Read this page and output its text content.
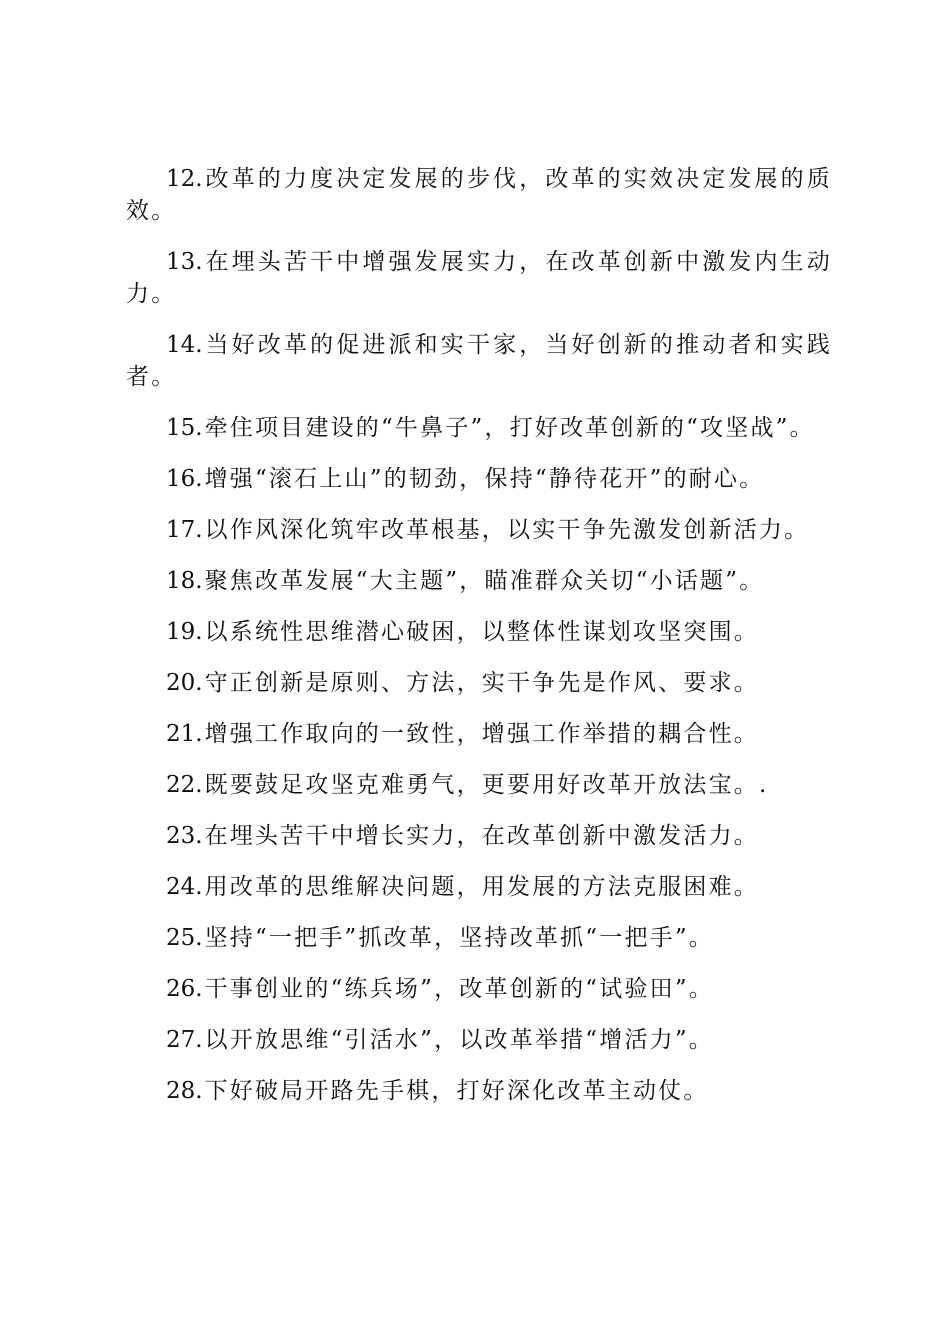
12.改革的力度决定发展的步伐，改革的实效决定发展的质效。

13.在埋头苦干中增强发展实力，在改革创新中激发内生动力。

14.当好改革的促进派和实干家，当好创新的推动者和实践者。

15.牵住项目建设的“牛鼻子”，打好改革创新的“攻坚战”。

16.增强“滚石上山”的韧劲，保持“静待花开”的耐心。

17.以作风深化筑牢改革根基，以实干争先激发创新活力。

18.聚焦改革发展“大主题”，瞄准群众关切“小话题”。

19.以系统性思维潜心破困，以整体性谋划攻坚突围。

20.守正创新是原则、方法，实干争先是作风、要求。

21.增强工作取向的一致性，增强工作举措的耦合性。

22.既要鼓足攻坚克难勇气，更要用好改革开放法宝。.

23.在埋头苦干中增长实力，在改革创新中激发活力。

24.用改革的思维解决问题，用发展的方法克服困难。

25.坚持“一把手”抓改革，坚持改革抓“一把手”。

26.干事创业的“练兵场”，改革创新的“试验田”。

27.以开放思维“引活水”，以改革举措“增活力”。

28.下好破局开路先手棋，打好深化改革主动仗。
